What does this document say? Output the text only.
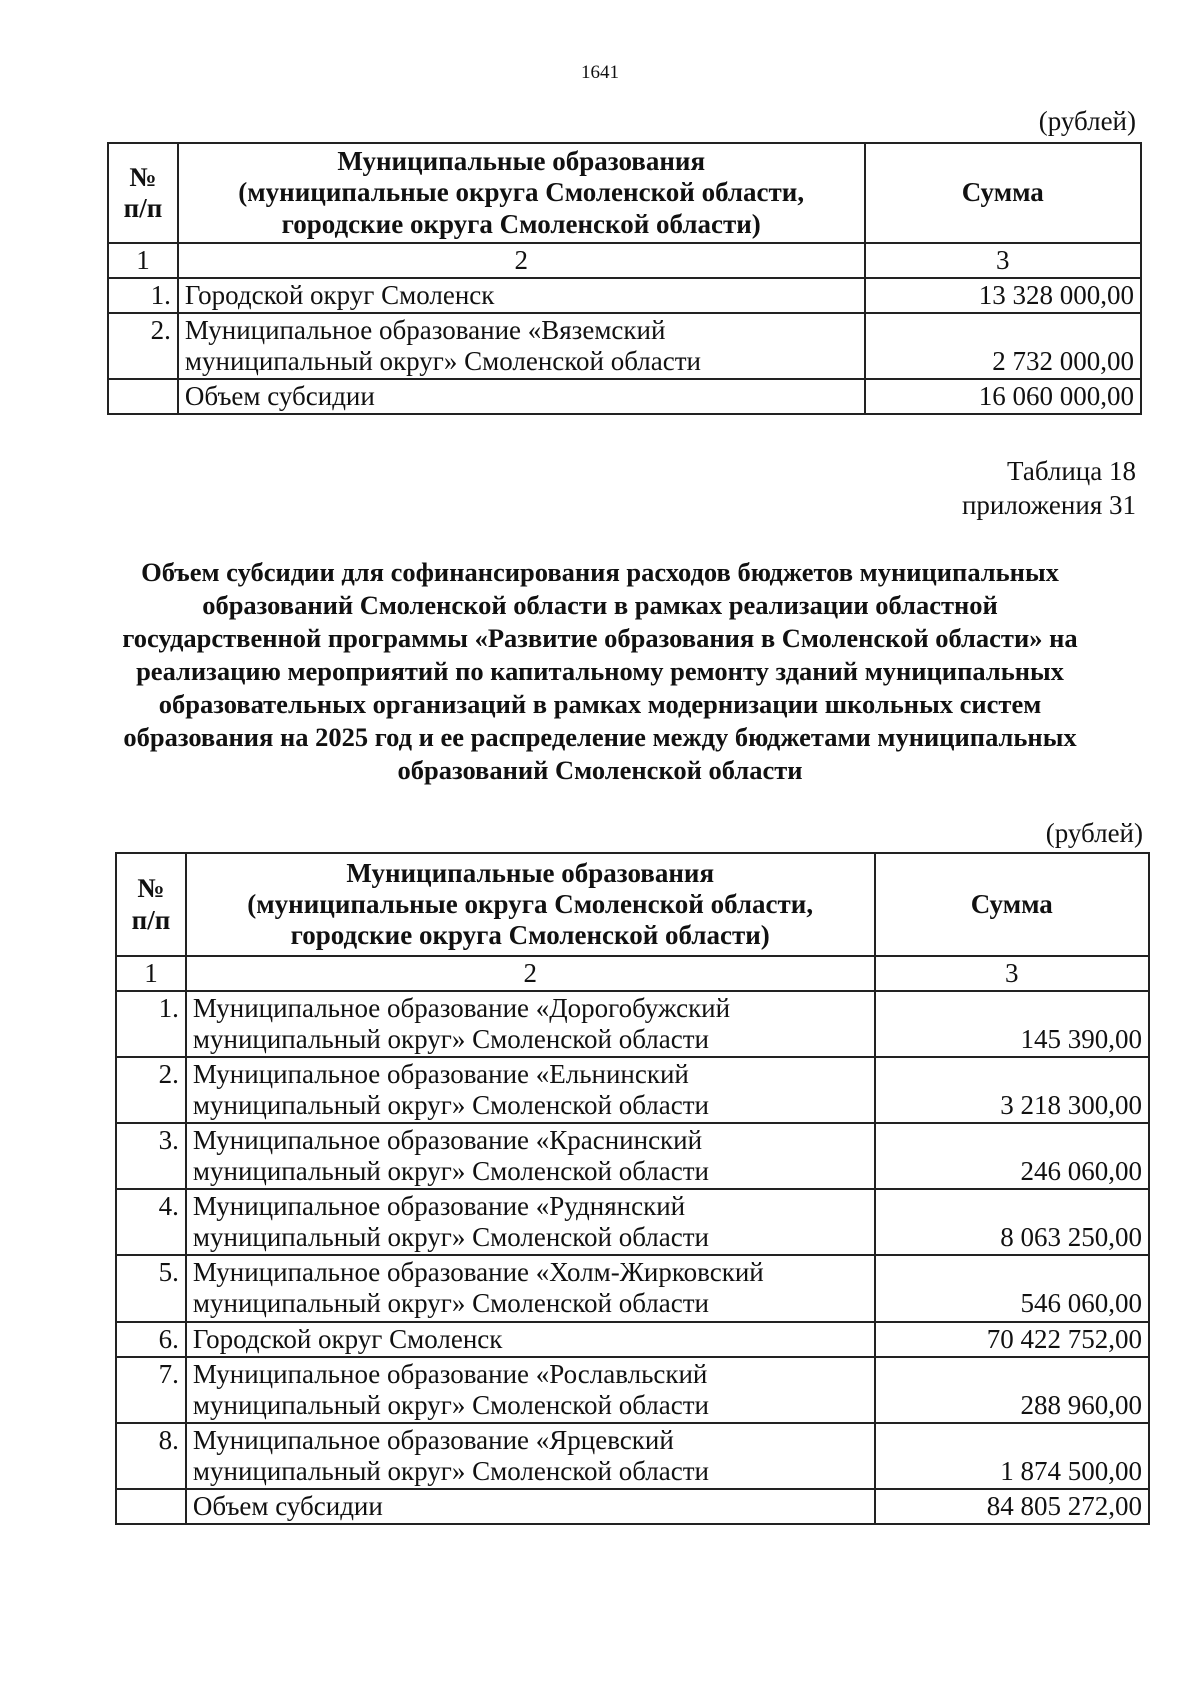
1641
(рублей)
№
п/п	Муниципальные образования
(муниципальные округа Смоленской области,
городские округа Смоленской области)	Сумма
1	2	3
1.	Городской округ Смоленск	13 328 000,00
2.	Муниципальное образование «Вяземский
муниципальный округ» Смоленской области	2 732 000,00
	Объем субсидии	16 060 000,00
Таблица 18
приложения 31
Объем субсидии для софинансирования расходов бюджетов муниципальных
образований Смоленской области в рамках реализации областной
государственной программы «Развитие образования в Смоленской области» на
реализацию мероприятий по капитальному ремонту зданий муниципальных
образовательных организаций в рамках модернизации школьных систем
образования на 2025 год и ее распределение между бюджетами муниципальных
образований Смоленской области
(рублей)
№
п/п	Муниципальные образования
(муниципальные округа Смоленской области,
городские округа Смоленской области)	Сумма
1	2	3
1.	Муниципальное образование «Дорогобужский
муниципальный округ» Смоленской области	145 390,00
2.	Муниципальное образование «Ельнинский
муниципальный округ» Смоленской области	3 218 300,00
3.	Муниципальное образование «Краснинский
муниципальный округ» Смоленской области	246 060,00
4.	Муниципальное образование «Руднянский
муниципальный округ» Смоленской области	8 063 250,00
5.	Муниципальное образование «Холм-Жирковский
муниципальный округ» Смоленской области	546 060,00
6.	Городской округ Смоленск	70 422 752,00
7.	Муниципальное образование «Рославльский
муниципальный округ» Смоленской области	288 960,00
8.	Муниципальное образование «Ярцевский
муниципальный округ» Смоленской области	1 874 500,00
	Объем субсидии	84 805 272,00
